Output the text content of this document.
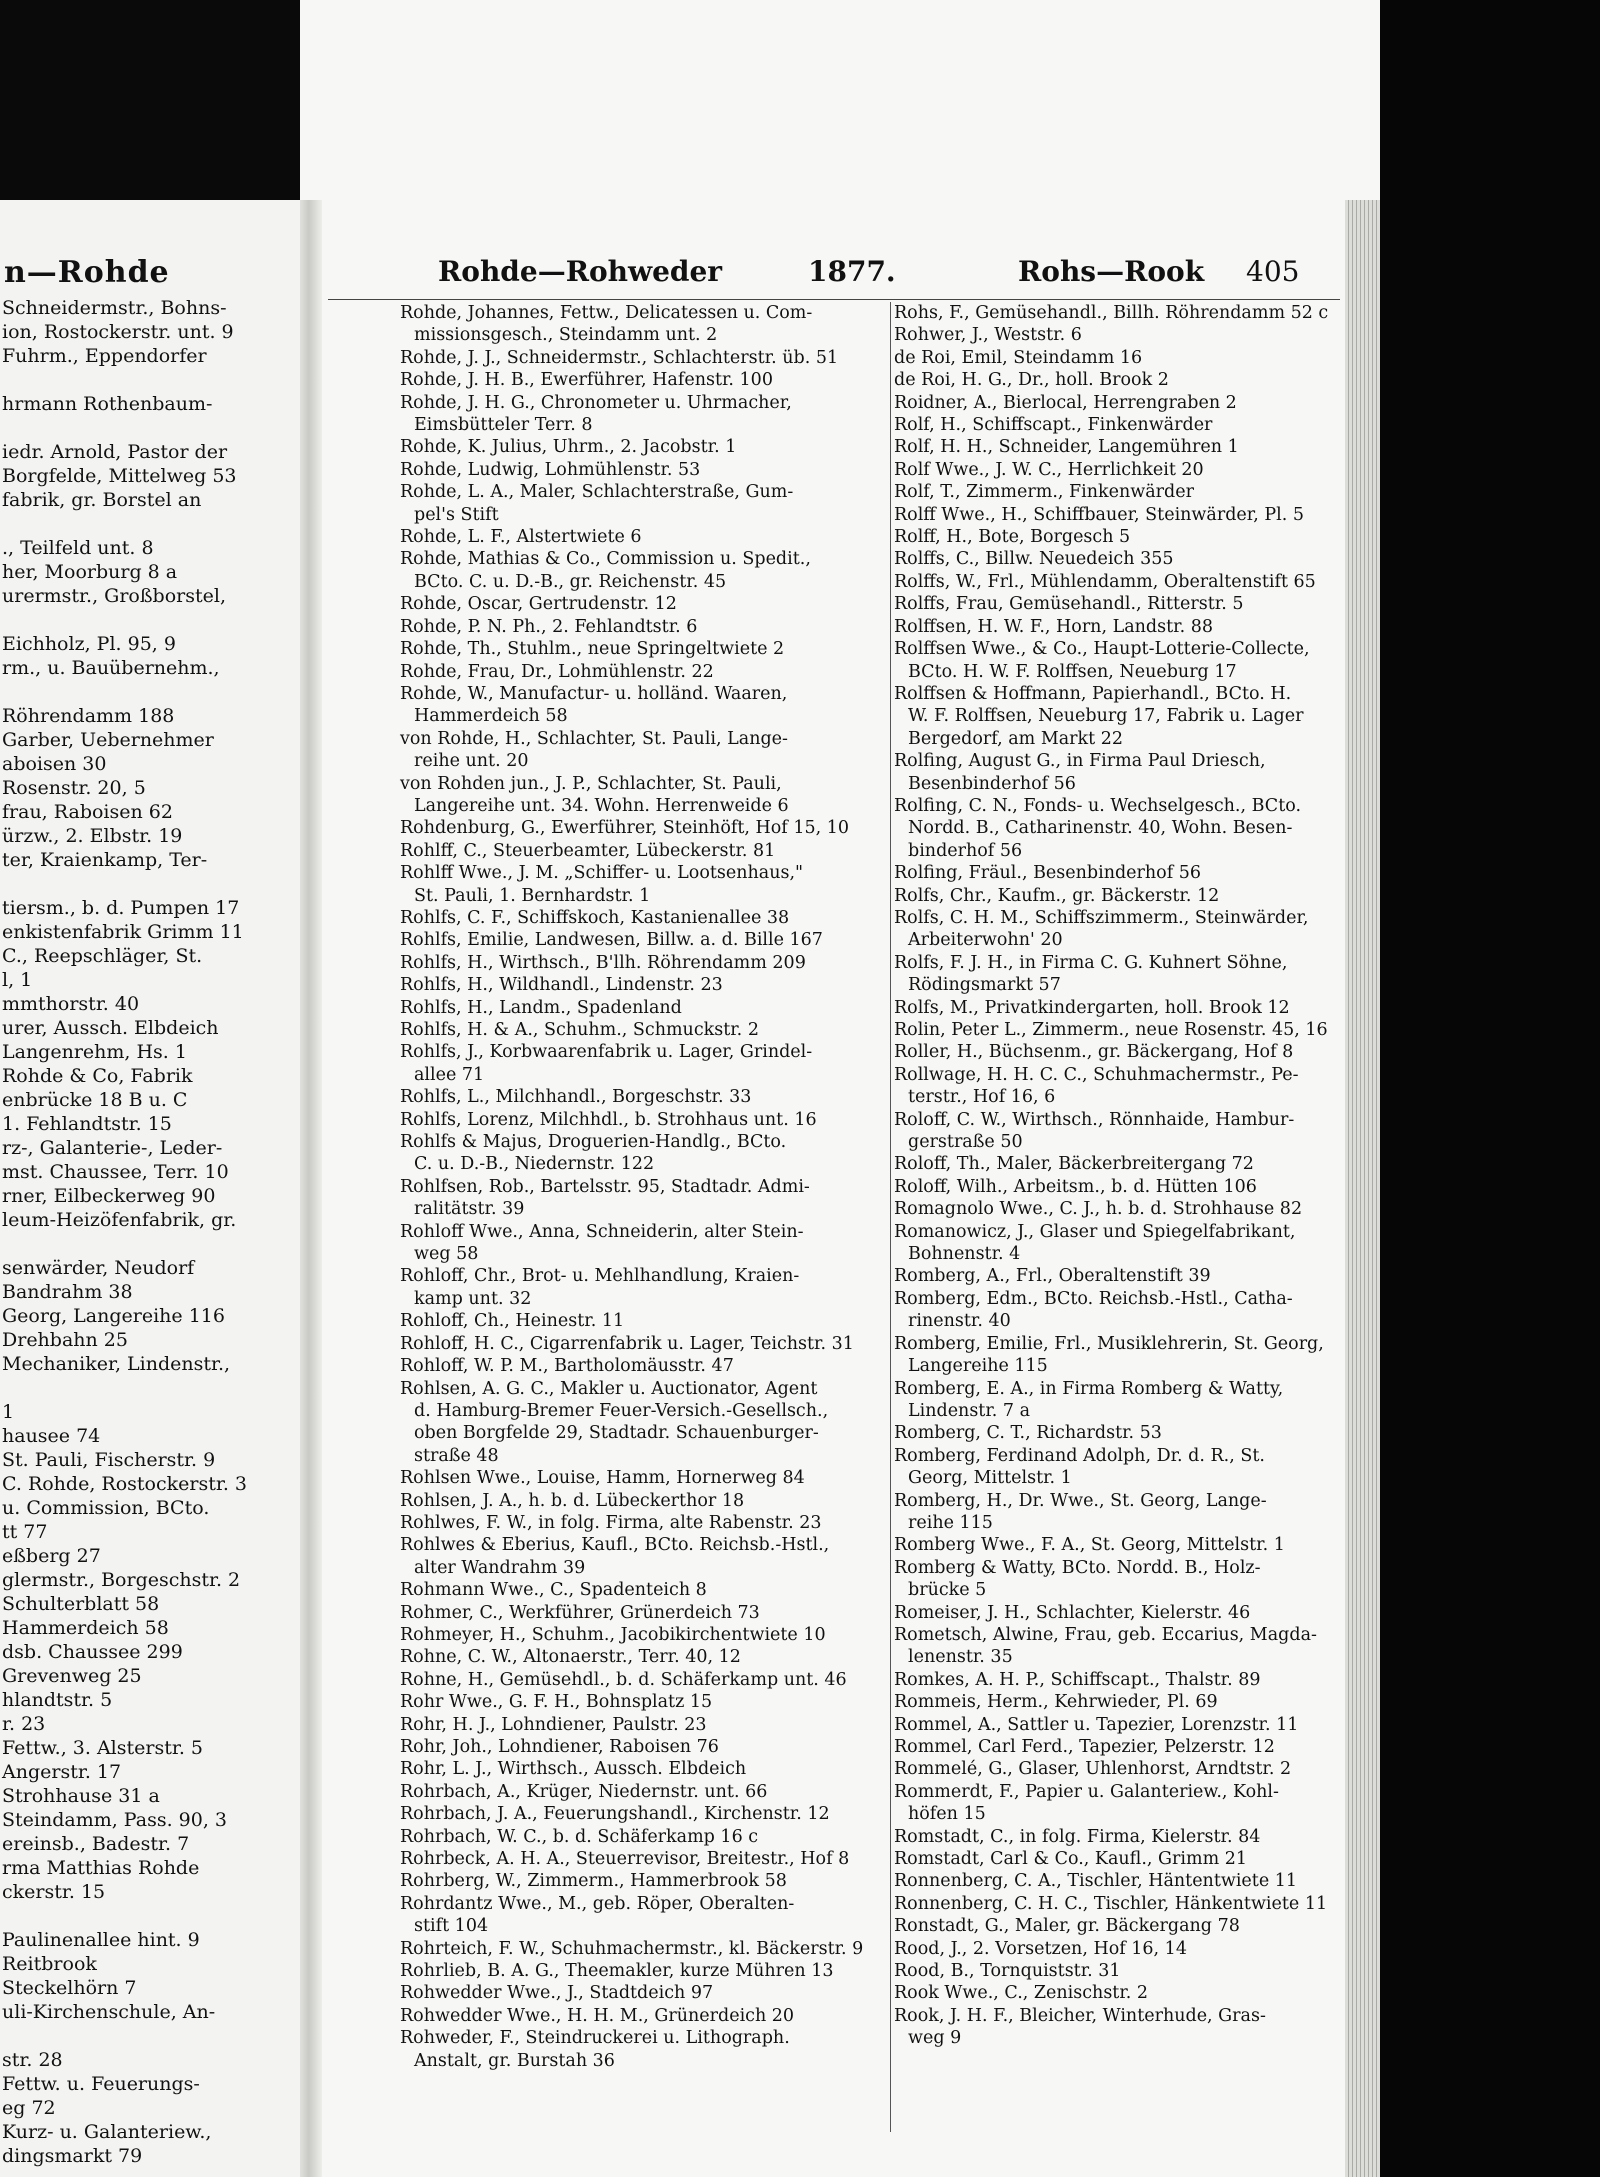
n—Rohde
Schneidermstr., Bohns-
ion, Rostockerstr. unt. 9
Fuhrm., Eppendorfer

hrmann Rothenbaum-

iedr. Arnold, Pastor der
Borgfelde, Mittelweg 53
fabrik, gr. Borstel an

., Teilfeld unt. 8
her, Moorburg 8 a
urermstr., Großborstel,

Eichholz, Pl. 95, 9
rm., u. Bauübernehm.,

Röhrendamm 188
Garber, Uebernehmer
aboisen 30
Rosenstr. 20, 5
frau, Raboisen 62
ürzw., 2. Elbstr. 19
ter, Kraienkamp, Ter-

tiersm., b. d. Pumpen 17
enkistenfabrik Grimm 11
C., Reepschläger, St.
l, 1
mmthorstr. 40
urer, Aussch. Elbdeich
Langenrehm, Hs. 1
Rohde & Co, Fabrik
enbrücke 18 B u. C
1. Fehlandtstr. 15
rz-, Galanterie-, Leder-
mst. Chaussee, Terr. 10
rner, Eilbeckerweg 90
leum-Heizöfenfabrik, gr.

senwärder, Neudorf
Bandrahm 38
Georg, Langereihe 116
Drehbahn 25
Mechaniker, Lindenstr.,

1
hausee 74
St. Pauli, Fischerstr. 9
C. Rohde, Rostockerstr. 3
u. Commission, BCto.
tt 77
eßberg 27
glermstr., Borgeschstr. 2
Schulterblatt 58
Hammerdeich 58
dsb. Chaussee 299
Grevenweg 25
hlandtstr. 5
r. 23
Fettw., 3. Alsterstr. 5
Angerstr. 17
Strohhause 31 a
Steindamm, Pass. 90, 3
ereinsb., Badestr. 7
rma Matthias Rohde
ckerstr. 15

Paulinenallee hint. 9
Reitbrook
Steckelhörn 7
uli-Kirchenschule, An-

str. 28
Fettw. u. Feuerungs-
eg 72
Kurz- u. Galanteriew.,
dingsmarkt 79
Rohde—Rohweder	1877.	Rohs—Rook 405
Rohde, Johannes, Fettw., Delicatessen u. Com-
missionsgesch., Steindamm unt. 2
Rohde, J. J., Schneidermstr., Schlachterstr. üb. 51
Rohde, J. H. B., Ewerführer, Hafenstr. 100
Rohde, J. H. G., Chronometer u. Uhrmacher,
Eimsbütteler Terr. 8
Rohde, K. Julius, Uhrm., 2. Jacobstr. 1
Rohde, Ludwig, Lohmühlenstr. 53
Rohde, L. A., Maler, Schlachterstraße, Gum-
pel's Stift
Rohde, L. F., Alstertwiete 6
Rohde, Mathias & Co., Commission u. Spedit.,
BCto. C. u. D.-B., gr. Reichenstr. 45
Rohde, Oscar, Gertrudenstr. 12
Rohde, P. N. Ph., 2. Fehlandtstr. 6
Rohde, Th., Stuhlm., neue Springeltwiete 2
Rohde, Frau, Dr., Lohmühlenstr. 22
Rohde, W., Manufactur- u. holländ. Waaren,
Hammerdeich 58
von Rohde, H., Schlachter, St. Pauli, Lange-
reihe unt. 20
von Rohden jun., J. P., Schlachter, St. Pauli,
Langereihe unt. 34. Wohn. Herrenweide 6
Rohdenburg, G., Ewerführer, Steinhöft, Hof 15, 10
Rohlff, C., Steuerbeamter, Lübeckerstr. 81
Rohlff Wwe., J. M. „Schiffer- u. Lootsenhaus,"
St. Pauli, 1. Bernhardstr. 1
Rohlfs, C. F., Schiffskoch, Kastanienallee 38
Rohlfs, Emilie, Landwesen, Billw. a. d. Bille 167
Rohlfs, H., Wirthsch., B'llh. Röhrendamm 209
Rohlfs, H., Wildhandl., Lindenstr. 23
Rohlfs, H., Landm., Spadenland
Rohlfs, H. & A., Schuhm., Schmuckstr. 2
Rohlfs, J., Korbwaarenfabrik u. Lager, Grindel-
allee 71
Rohlfs, L., Milchhandl., Borgeschstr. 33
Rohlfs, Lorenz, Milchhdl., b. Strohhaus unt. 16
Rohlfs & Majus, Droguerien-Handlg., BCto.
C. u. D.-B., Niedernstr. 122
Rohlfsen, Rob., Bartelsstr. 95, Stadtadr. Admi-
ralitätstr. 39
Rohloff Wwe., Anna, Schneiderin, alter Stein-
weg 58
Rohloff, Chr., Brot- u. Mehlhandlung, Kraien-
kamp unt. 32
Rohloff, Ch., Heinestr. 11
Rohloff, H. C., Cigarrenfabrik u. Lager, Teichstr. 31
Rohloff, W. P. M., Bartholomäusstr. 47
Rohlsen, A. G. C., Makler u. Auctionator, Agent
d. Hamburg-Bremer Feuer-Versich.-Gesellsch.,
oben Borgfelde 29, Stadtadr. Schauenburger-
straße 48
Rohlsen Wwe., Louise, Hamm, Hornerweg 84
Rohlsen, J. A., h. b. d. Lübeckerthor 18
Rohlwes, F. W., in folg. Firma, alte Rabenstr. 23
Rohlwes & Eberius, Kaufl., BCto. Reichsb.-Hstl.,
alter Wandrahm 39
Rohmann Wwe., C., Spadenteich 8
Rohmer, C., Werkführer, Grünerdeich 73
Rohmeyer, H., Schuhm., Jacobikirchentwiete 10
Rohne, C. W., Altonaerstr., Terr. 40, 12
Rohne, H., Gemüsehdl., b. d. Schäferkamp unt. 46
Rohr Wwe., G. F. H., Bohnsplatz 15
Rohr, H. J., Lohndiener, Paulstr. 23
Rohr, Joh., Lohndiener, Raboisen 76
Rohr, L. J., Wirthsch., Aussch. Elbdeich
Rohrbach, A., Krüger, Niedernstr. unt. 66
Rohrbach, J. A., Feuerungshandl., Kirchenstr. 12
Rohrbach, W. C., b. d. Schäferkamp 16 c
Rohrbeck, A. H. A., Steuerrevisor, Breitestr., Hof 8
Rohrberg, W., Zimmerm., Hammerbrook 58
Rohrdantz Wwe., M., geb. Röper, Oberalten-
stift 104
Rohrteich, F. W., Schuhmachermstr., kl. Bäckerstr. 9
Rohrlieb, B. A. G., Theemakler, kurze Mühren 13
Rohwedder Wwe., J., Stadtdeich 97
Rohwedder Wwe., H. H. M., Grünerdeich 20
Rohweder, F., Steindruckerei u. Lithograph.
Anstalt, gr. Burstah 36
Rohs, F., Gemüsehandl., Billh. Röhrendamm 52 c
Rohwer, J., Weststr. 6
de Roi, Emil, Steindamm 16
de Roi, H. G., Dr., holl. Brook 2
Roidner, A., Bierlocal, Herrengraben 2
Rolf, H., Schiffscapt., Finkenwärder
Rolf, H. H., Schneider, Langemühren 1
Rolf Wwe., J. W. C., Herrlichkeit 20
Rolf, T., Zimmerm., Finkenwärder
Rolff Wwe., H., Schiffbauer, Steinwärder, Pl. 5
Rolff, H., Bote, Borgesch 5
Rolffs, C., Billw. Neuedeich 355
Rolffs, W., Frl., Mühlendamm, Oberaltenstift 65
Rolffs, Frau, Gemüsehandl., Ritterstr. 5
Rolffsen, H. W. F., Horn, Landstr. 88
Rolffsen Wwe., & Co., Haupt-Lotterie-Collecte,
BCto. H. W. F. Rolffsen, Neueburg 17
Rolffsen & Hoffmann, Papierhandl., BCto. H.
W. F. Rolffsen, Neueburg 17, Fabrik u. Lager
Bergedorf, am Markt 22
Rolfing, August G., in Firma Paul Driesch,
Besenbinderhof 56
Rolfing, C. N., Fonds- u. Wechselgesch., BCto.
Nordd. B., Catharinenstr. 40, Wohn. Besen-
binderhof 56
Rolfing, Fräul., Besenbinderhof 56
Rolfs, Chr., Kaufm., gr. Bäckerstr. 12
Rolfs, C. H. M., Schiffszimmerm., Steinwärder,
Arbeiterwohn' 20
Rolfs, F. J. H., in Firma C. G. Kuhnert Söhne,
Rödingsmarkt 57
Rolfs, M., Privatkindergarten, holl. Brook 12
Rolin, Peter L., Zimmerm., neue Rosenstr. 45, 16
Roller, H., Büchsenm., gr. Bäckergang, Hof 8
Rollwage, H. H. C. C., Schuhmachermstr., Pe-
terstr., Hof 16, 6
Roloff, C. W., Wirthsch., Rönnhaide, Hambur-
gerstraße 50
Roloff, Th., Maler, Bäckerbreitergang 72
Roloff, Wilh., Arbeitsm., b. d. Hütten 106
Romagnolo Wwe., C. J., h. b. d. Strohhause 82
Romanowicz, J., Glaser und Spiegelfabrikant,
Bohnenstr. 4
Romberg, A., Frl., Oberaltenstift 39
Romberg, Edm., BCto. Reichsb.-Hstl., Catha-
rinenstr. 40
Romberg, Emilie, Frl., Musiklehrerin, St. Georg,
Langereihe 115
Romberg, E. A., in Firma Romberg & Watty,
Lindenstr. 7 a
Romberg, C. T., Richardstr. 53
Romberg, Ferdinand Adolph, Dr. d. R., St.
Georg, Mittelstr. 1
Romberg, H., Dr. Wwe., St. Georg, Lange-
reihe 115
Romberg Wwe., F. A., St. Georg, Mittelstr. 1
Romberg & Watty, BCto. Nordd. B., Holz-
brücke 5
Romeiser, J. H., Schlachter, Kielerstr. 46
Rometsch, Alwine, Frau, geb. Eccarius, Magda-
lenenstr. 35
Romkes, A. H. P., Schiffscapt., Thalstr. 89
Rommeis, Herm., Kehrwieder, Pl. 69
Rommel, A., Sattler u. Tapezier, Lorenzstr. 11
Rommel, Carl Ferd., Tapezier, Pelzerstr. 12
Rommelé, G., Glaser, Uhlenhorst, Arndtstr. 2
Rommerdt, F., Papier u. Galanteriew., Kohl-
höfen 15
Romstadt, C., in folg. Firma, Kielerstr. 84
Romstadt, Carl & Co., Kaufl., Grimm 21
Ronnenberg, C. A., Tischler, Häntentwiete 11
Ronnenberg, C. H. C., Tischler, Hänkentwiete 11
Ronstadt, G., Maler, gr. Bäckergang 78
Rood, J., 2. Vorsetzen, Hof 16, 14
Rood, B., Tornquiststr. 31
Rook Wwe., C., Zenischstr. 2
Rook, J. H. F., Bleicher, Winterhude, Gras-
weg 9
